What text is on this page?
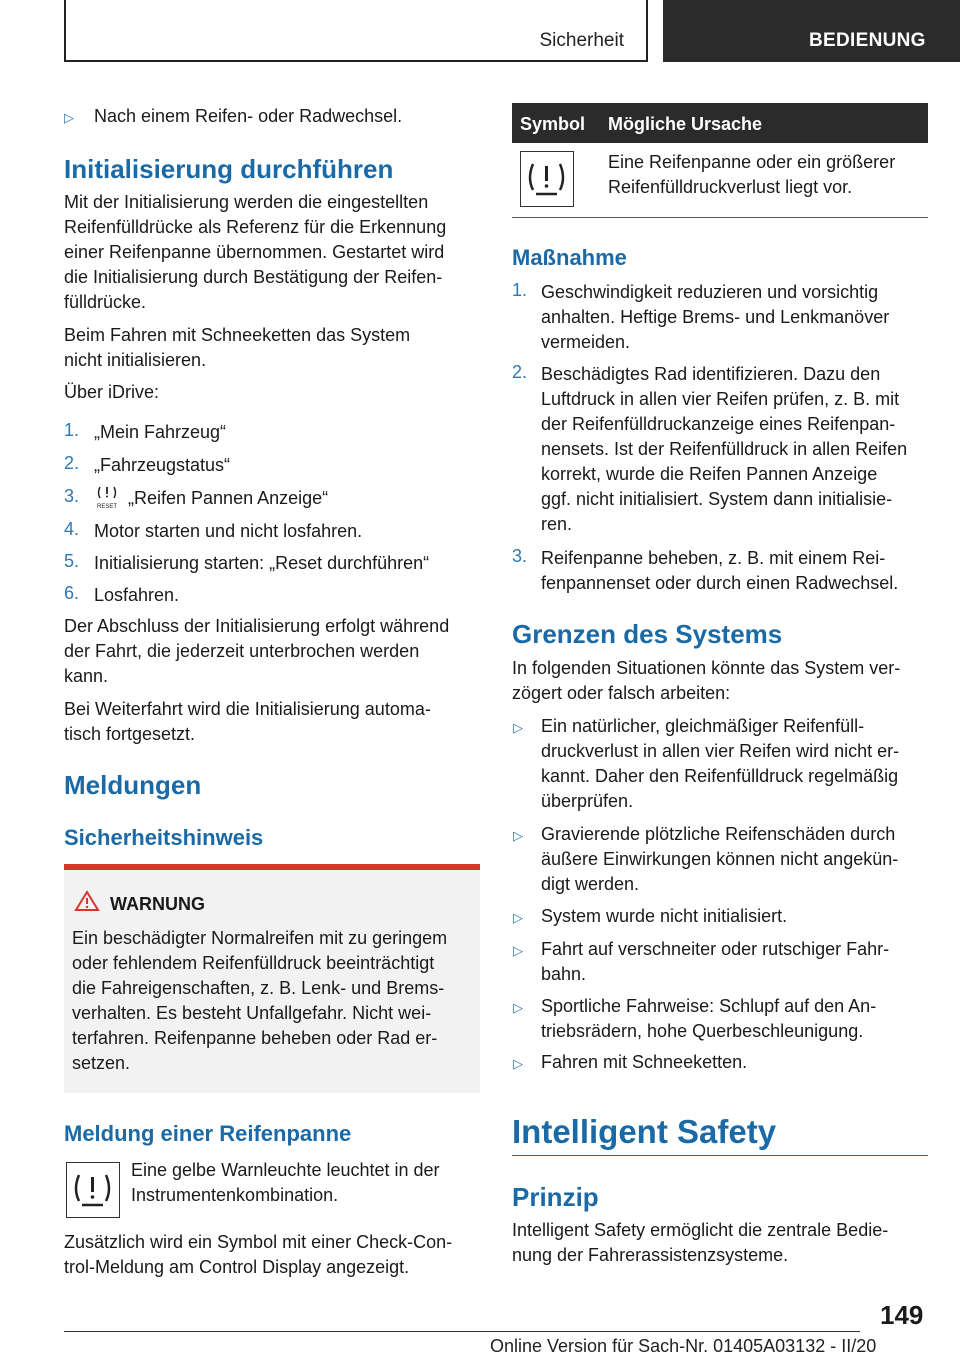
Sicherheit	BEDIENUNG
▷ Nach einem Reifen- oder Radwechsel.
Initialisierung durchführen

Mit der Initialisierung werden die eingestellten

Reifenfülldrücke als Referenz für die Erkennung

einer Reifenpanne übernommen. Gestartet wird

die Initialisierung durch Bestätigung der Reifen-

fülldrücke.

Beim Fahren mit Schneeketten das System

nicht initialisieren.

Über iDrive:

1. „Mein Fahrzeug“
2. „Fahrzeugstatus“
3.
RESET „Reifen Pannen Anzeige“
4. Motor starten und nicht losfahren.
5. Initialisierung starten: „Reset durchführen“
6. Losfahren.

Der Abschluss der Initialisierung erfolgt während

der Fahrt, die jederzeit unterbrochen werden

kann.

Bei Weiterfahrt wird die Initialisierung automa-

tisch fortgesetzt.

Meldungen
Sicherheitshinweis
WARNUNG

Ein beschädigter Normalreifen mit zu geringem

oder fehlendem Reifenfülldruck beeinträchtigt

die Fahreigenschaften, z. B. Lenk- und Brems-

verhalten. Es besteht Unfallgefahr. Nicht wei-

terfahren. Reifenpanne beheben oder Rad er-

setzen.

Meldung einer Reifenpanne

Eine gelbe Warnleuchte leuchtet in der

Instrumentenkombination.

Zusätzlich wird ein Symbol mit einer Check-Con-

trol-Meldung am Control Display angezeigt.

Symbol Mögliche Ursache

Eine Reifenpanne oder ein größerer

Reifenfülldruckverlust liegt vor.

Maßnahme
1. Geschwindigkeit reduzieren und vorsichtig

anhalten. Heftige Brems- und Lenkmanöver

vermeiden.

2. Beschädigtes Rad identifizieren. Dazu den

Luftdruck in allen vier Reifen prüfen, z. B. mit

der Reifenfülldruckanzeige eines Reifenpan-

nensets. Ist der Reifenfülldruck in allen Reifen

korrekt, wurde die Reifen Pannen Anzeige

ggf. nicht initialisiert. System dann initialisie-

ren.

3. Reifenpanne beheben, z. B. mit einem Rei-

fenpannenset oder durch einen Radwechsel.

Grenzen des Systems

In folgenden Situationen könnte das System ver-

zögert oder falsch arbeiten:

▷ Ein natürlicher, gleichmäßiger Reifenfüll-

druckverlust in allen vier Reifen wird nicht er-

kannt. Daher den Reifenfülldruck regelmäßig

überprüfen.

▷ Gravierende plötzliche Reifenschäden durch

äußere Einwirkungen können nicht angekün-

digt werden.

▷ System wurde nicht initialisiert.

▷ Fahrt auf verschneiter oder rutschiger Fahr-

bahn.

▷ Sportliche Fahrweise: Schlupf auf den An-

triebsrädern, hohe Querbeschleunigung.

▷ Fahren mit Schneeketten.

Intelligent Safety
Prinzip

Intelligent Safety ermöglicht die zentrale Bedie-

nung der Fahrerassistenzsysteme.

149
Online Version für Sach-Nr. 01405A03132 - II/20
